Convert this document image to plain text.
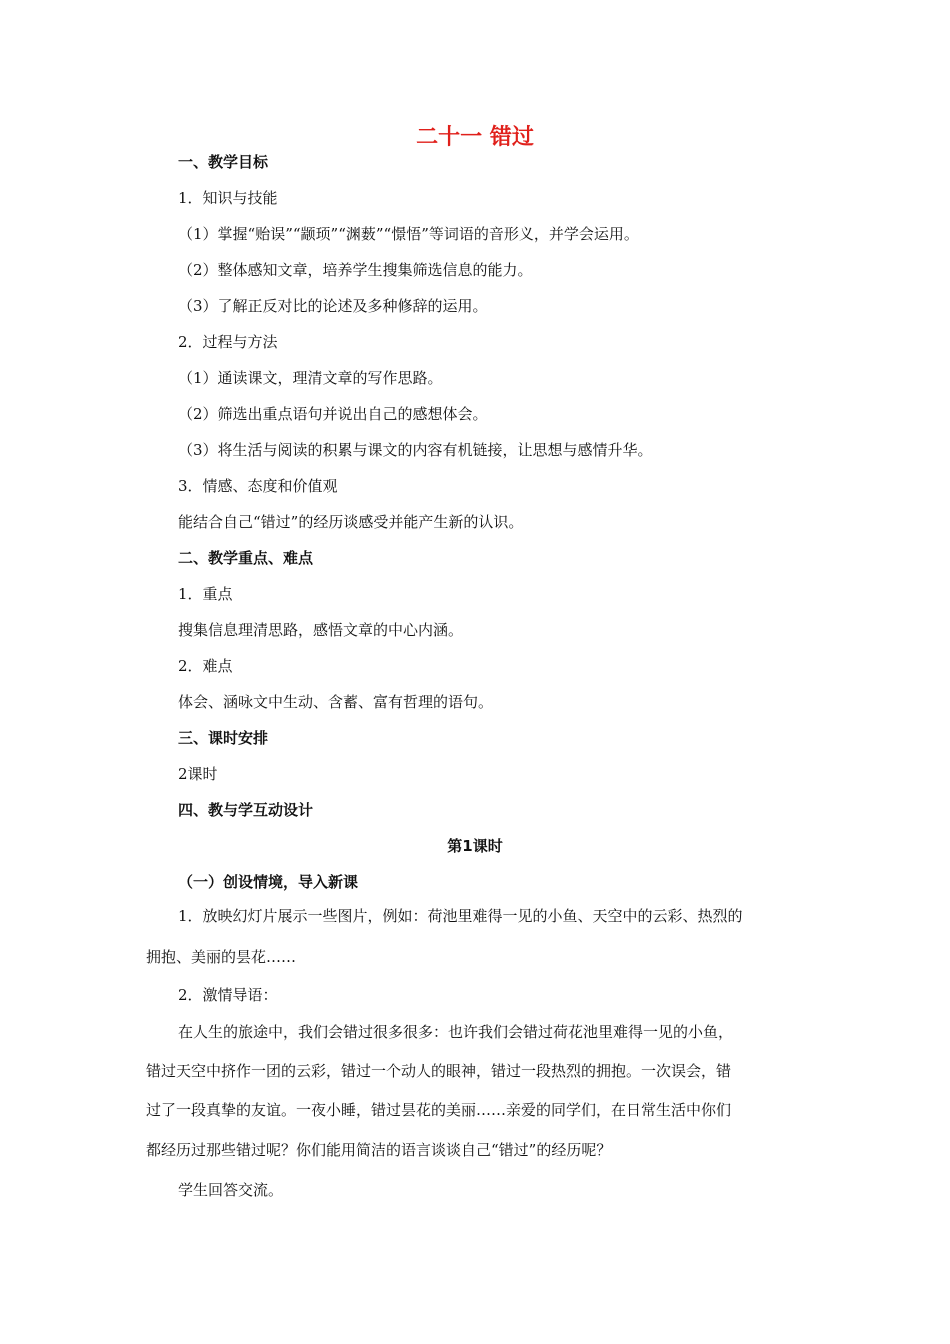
二十一 错过
一、教学目标
1．知识与技能
（1）掌握“贻误”“颛顼”“渊薮”“憬悟”等词语的音形义，并学会运用。
（2）整体感知文章，培养学生搜集筛选信息的能力。
（3）了解正反对比的论述及多种修辞的运用。
2．过程与方法
（1）通读课文，理清文章的写作思路。
（2）筛选出重点语句并说出自己的感想体会。
（3）将生活与阅读的积累与课文的内容有机链接，让思想与感情升华。
3．情感、态度和价值观
能结合自己“错过”的经历谈感受并能产生新的认识。
二、教学重点、难点
1．重点
搜集信息理清思路，感悟文章的中心内涵。
2．难点
体会、涵咏文中生动、含蓄、富有哲理的语句。
三、课时安排
2课时
四、教与学互动设计
第1课时
（一）创设情境，导入新课
1．放映幻灯片展示一些图片，例如：荷池里难得一见的小鱼、天空中的云彩、热烈的
拥抱、美丽的昙花……
2．激情导语：
在人生的旅途中，我们会错过很多很多：也许我们会错过荷花池里难得一见的小鱼，
错过天空中挤作一团的云彩，错过一个动人的眼神，错过一段热烈的拥抱。一次误会，错
过了一段真挚的友谊。一夜小睡，错过昙花的美丽……亲爱的同学们，在日常生活中你们
都经历过那些错过呢？你们能用简洁的语言谈谈自己“错过”的经历呢？
学生回答交流。
